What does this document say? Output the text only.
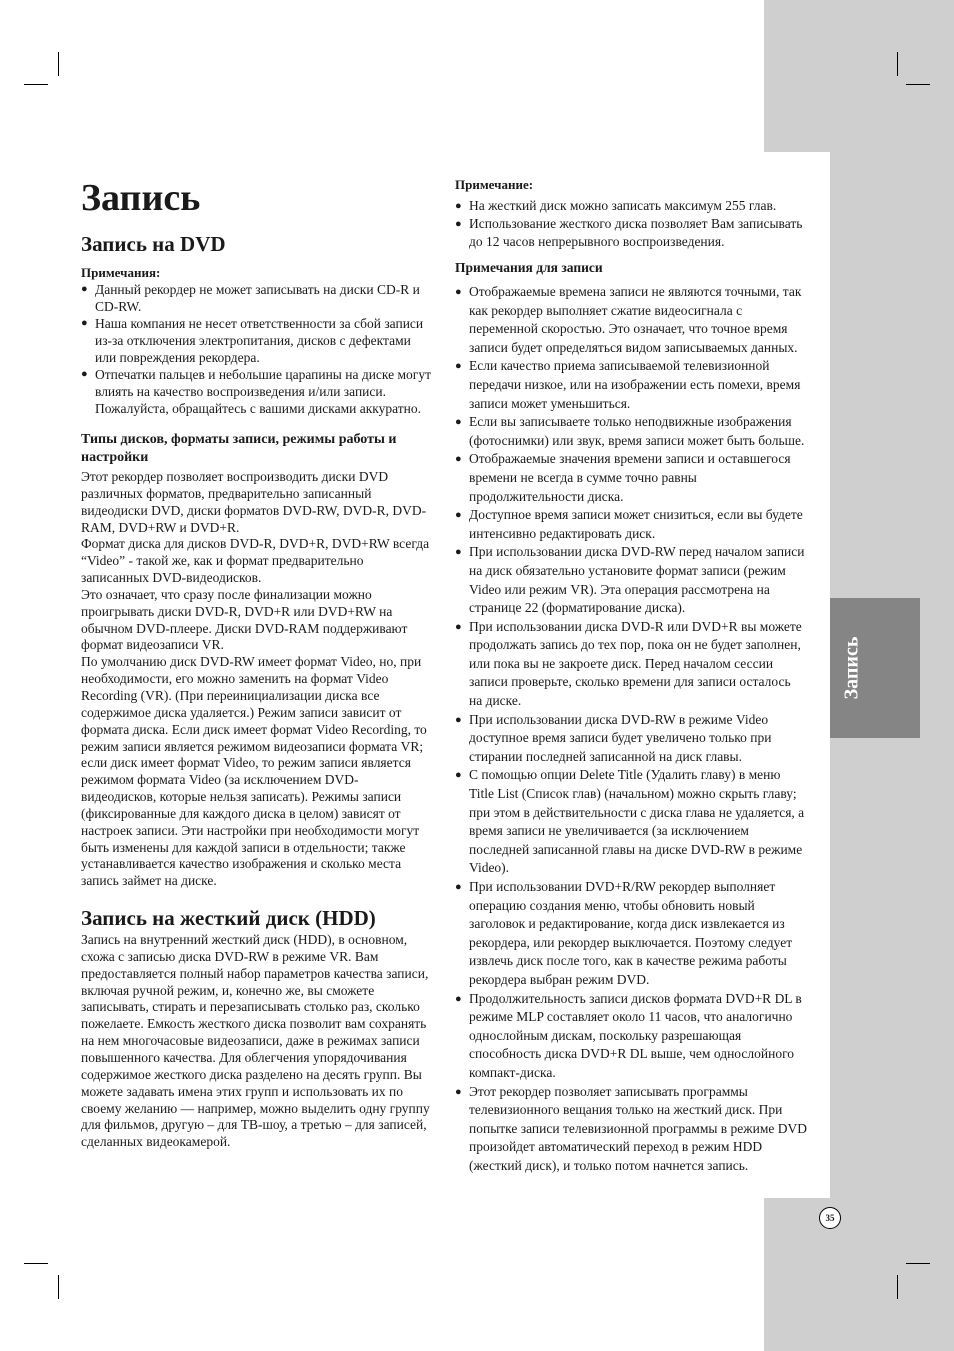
Запись
Запись
Запись на DVD
Примечания:
● Данный рекордер не может записывать на диски CD-R и CD-RW.
● Наша компания не несет ответственности за сбой записи из-за отключения электропитания, дисков с дефектами или повреждения рекордера.
● Отпечатки пальцев и небольшие царапины на диске могут влиять на качество воспроизведения и/или записи. Пожалуйста, обращайтесь с вашими дисками аккуратно.
Типы дисков, форматы записи, режимы работы и настройки

Этот рекордер позволяет воспроизводить диски DVD различных форматов, предварительно записанный видеодиски DVD, диски форматов DVD-RW, DVD-R, DVD-RAM, DVD+RW и DVD+R.

Формат диска для дисков DVD-R, DVD+R, DVD+RW всегда “Video” - такой же, как и формат предварительно записанных DVD-видеодисков.

Это означает, что сразу после финализации можно проигрывать диски DVD-R, DVD+R или DVD+RW на обычном DVD-плеере. Диски DVD-RAM поддерживают формат видеозаписи VR.

По умолчанию диск DVD-RW имеет формат Video, но, при необходимости, его можно заменить на формат Video Recording (VR). (При переинициализации диска все содержимое диска удаляется.) Режим записи зависит от формата диска. Если диск имеет формат Video Recording, то режим записи является режимом видеозаписи формата VR; если диск имеет формат Video, то режим записи является режимом формата Video (за исключением DVD-видеодисков, которые нельзя записать). Режимы записи (фиксированные для каждого диска в целом) зависят от настроек записи. Эти настройки при необходимости могут быть изменены для каждой записи в отдельности; также устанавливается качество изображения и сколько места запись займет на диске.

Запись на жесткий диск (HDD)

Запись на внутренний жесткий диск (HDD), в основном, схожа с записью диска DVD-RW в режиме VR. Вам предоставляется полный набор параметров качества записи, включая ручной режим, и, конечно же, вы сможете записывать, стирать и перезаписывать столько раз, сколько пожелаете. Емкость жесткого диска позволит вам сохранять на нем многочасовые видеозаписи, даже в режимах записи повышенного качества. Для облегчения упорядочивания содержимое жесткого диска разделено на десять групп. Вы можете задавать имена этих групп и использовать их по своему желанию — например, можно выделить одну группу для фильмов, другую – для ТВ-шоу, а третью – для записей, сделанных видеокамерой.

Примечание:
● На жесткий диск можно записать максимум 255 глав.
● Использование жесткого диска позволяет Вам записывать до 12 часов непрерывного воспроизведения.
Примечания для записи
● Отображаемые времена записи не являются точными, так как рекордер выполняет сжатие видеосигнала с переменной скоростью. Это означает, что точное время записи будет определяться видом записываемых данных.
● Если качество приема записываемой телевизионной передачи низкое, или на изображении есть помехи, время записи может уменьшиться.
● Если вы записываете только неподвижные изображения (фотоснимки) или звук, время записи может быть больше.
● Отображаемые значения времени записи и оставшегося времени не всегда в сумме точно равны продолжительности диска.
● Доступное время записи может снизиться, если вы будете интенсивно редактировать диск.
● При использовании диска DVD-RW перед началом записи на диск обязательно установите формат записи (режим Video или режим VR). Эта операция рассмотрена на странице 22 (форматирование диска).
● При использовании диска DVD-R или DVD+R вы можете продолжать запись до тех пор, пока он не будет заполнен, или пока вы не закроете диск. Перед началом сессии записи проверьте, сколько времени для записи осталось на диске.
● При использовании диска DVD-RW в режиме Video доступное время записи будет увеличено только при стирании последней записанной на диск главы.
● С помощью опции Delete Title (Удалить главу) в меню Title List (Список глав) (начальном) можно скрыть главу; при этом в действительности с диска глава не удаляется, а время записи не увеличивается (за исключением последней записанной главы на диске DVD-RW в режиме Video).
● При использовании DVD+R/RW рекордер выполняет операцию создания меню, чтобы обновить новый заголовок и редактирование, когда диск извлекается из рекордера, или рекордер выключается. Поэтому следует извлечь диск после того, как в качестве режима работы рекордера выбран режим DVD.
● Продолжительность записи дисков формата DVD+R DL в режиме MLP составляет около 11 часов, что аналогично однослойным дискам, поскольку разрешающая способность диска DVD+R DL выше, чем однослойного компакт-диска.
● Этот рекордер позволяет записывать программы телевизионного вещания только на жесткий диск. При попытке записи телевизионной программы в режиме DVD произойдет автоматический переход в режим HDD (жесткий диск), и только потом начнется запись.
35
